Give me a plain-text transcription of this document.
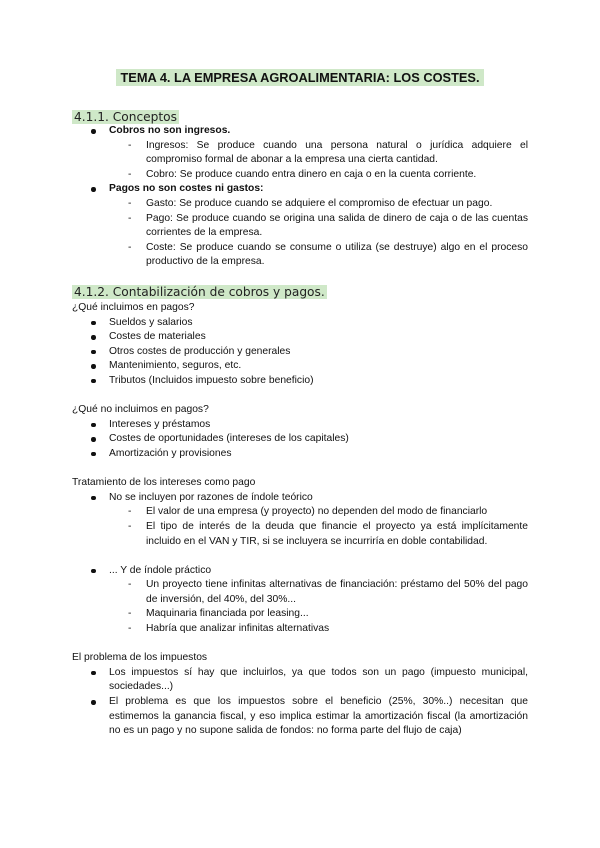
TEMA 4. LA EMPRESA AGROALIMENTARIA: LOS COSTES.
4.1.1. Conceptos
Cobros no son ingresos.
- Ingresos: Se produce cuando una persona natural o jurídica adquiere el compromiso formal de abonar a la empresa una cierta cantidad.
- Cobro: Se produce cuando entra dinero en caja o en la cuenta corriente.
Pagos no son costes ni gastos:
- Gasto: Se produce cuando se adquiere el compromiso de efectuar un pago.
- Pago: Se produce cuando se origina una salida de dinero de caja o de las cuentas corrientes de la empresa.
- Coste: Se produce cuando se consume o utiliza (se destruye) algo en el proceso productivo de la empresa.
4.1.2. Contabilización de cobros y pagos.
¿Qué incluimos en pagos?
Sueldos y salarios
Costes de materiales
Otros costes de producción y generales
Mantenimiento, seguros, etc.
Tributos (Incluidos impuesto sobre beneficio)
¿Qué no incluimos en pagos?
Intereses y préstamos
Costes de oportunidades (intereses de los capitales)
Amortización y provisiones
Tratamiento de los intereses como pago
No se incluyen por razones de índole teórico
- El valor de una empresa (y proyecto) no dependen del modo de financiarlo
- El tipo de interés de la deuda que financie el proyecto ya está implícitamente incluido en el VAN y TIR, si se incluyera se incurriría en doble contabilidad.
... Y de índole práctico
- Un proyecto tiene infinitas alternativas de financiación: préstamo del 50% del pago de inversión, del 40%, del 30%...
- Maquinaria financiada por leasing...
- Habría que analizar infinitas alternativas
El problema de los impuestos
Los impuestos sí hay que incluirlos, ya que todos son un pago (impuesto municipal, sociedades...)
El problema es que los impuestos sobre el beneficio (25%, 30%..) necesitan que estimemos la ganancia fiscal, y eso implica estimar la amortización fiscal (la amortización no es un pago y no supone salida de fondos: no forma parte del flujo de caja)
